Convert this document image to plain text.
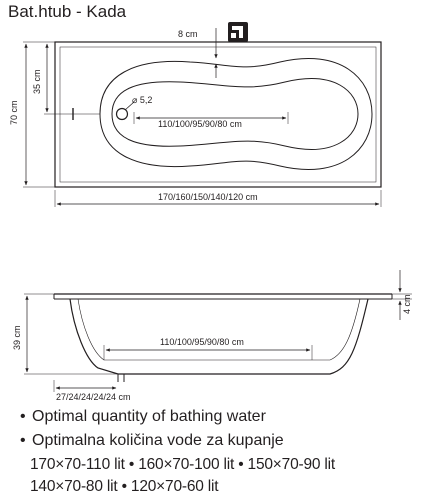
Bat.htub - Kada
⌀ 5,2
8 cm
70 cm
35 cm
110/100/95/90/80 cm
170/160/150/140/120 cm
4 cm
39 cm	110/100/95/90/80 cm
27/24/24/24/24 cm
• Optimal quantity of bathing water
• Optimalna količina vode za kupanje
170×70-110 lit • 160×70-100 lit • 150×70-90 lit
140×70-80 lit • 120×70-60 lit
